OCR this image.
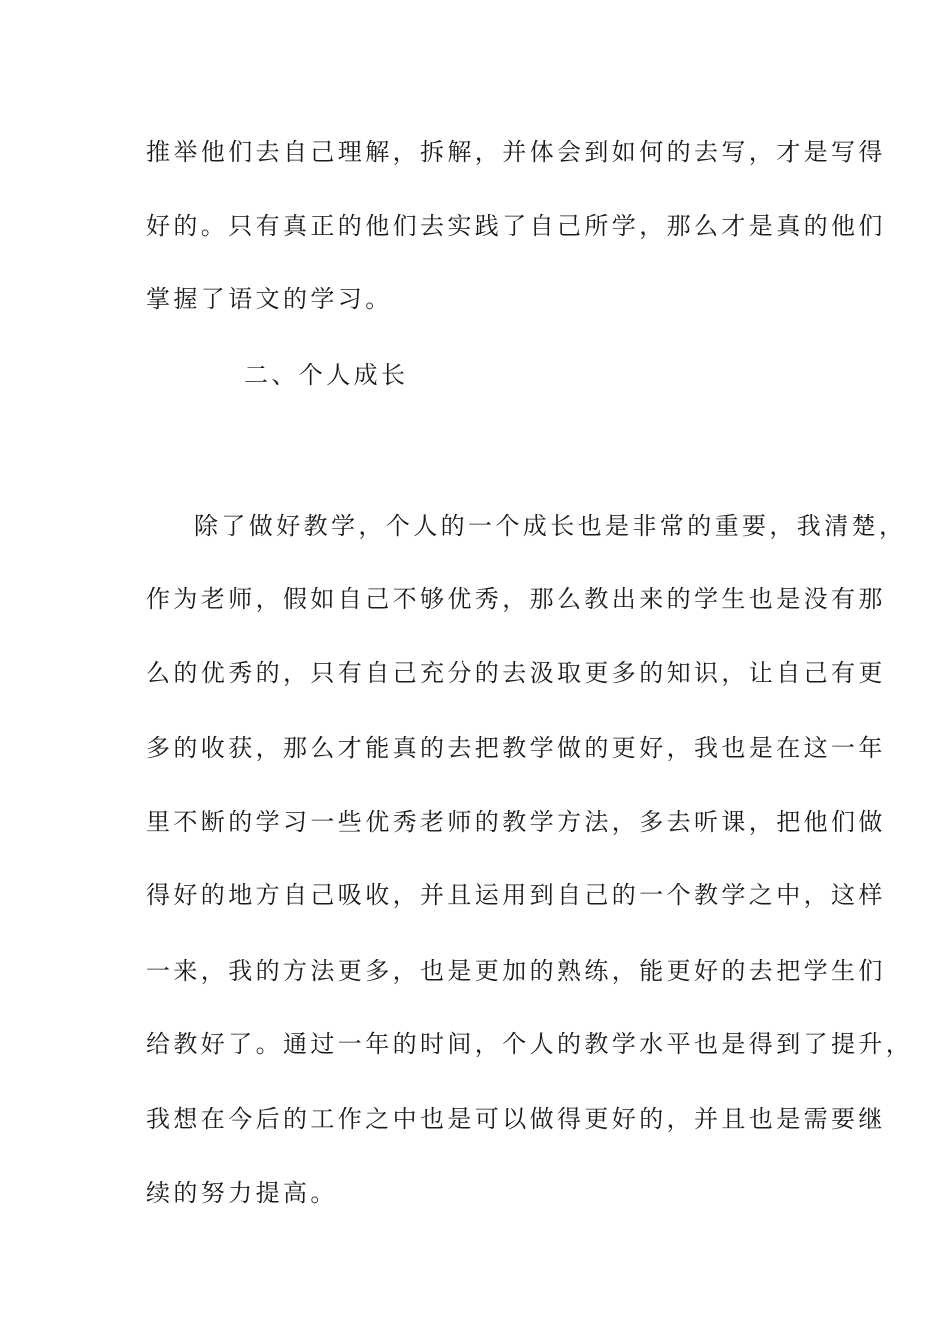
推举他们去自己理解，拆解，并体会到如何的去写，才是写得
好的。只有真正的他们去实践了自己所学，那么才是真的他们
掌握了语文的学习。
二、个人成长
除了做好教学，个人的一个成长也是非常的重要，我清楚，
作为老师，假如自己不够优秀，那么教出来的学生也是没有那
么的优秀的，只有自己充分的去汲取更多的知识，让自己有更
多的收获，那么才能真的去把教学做的更好，我也是在这一年
里不断的学习一些优秀老师的教学方法，多去听课，把他们做
得好的地方自己吸收，并且运用到自己的一个教学之中，这样
一来，我的方法更多，也是更加的熟练，能更好的去把学生们
给教好了。通过一年的时间，个人的教学水平也是得到了提升，
我想在今后的工作之中也是可以做得更好的，并且也是需要继
续的努力提高。
